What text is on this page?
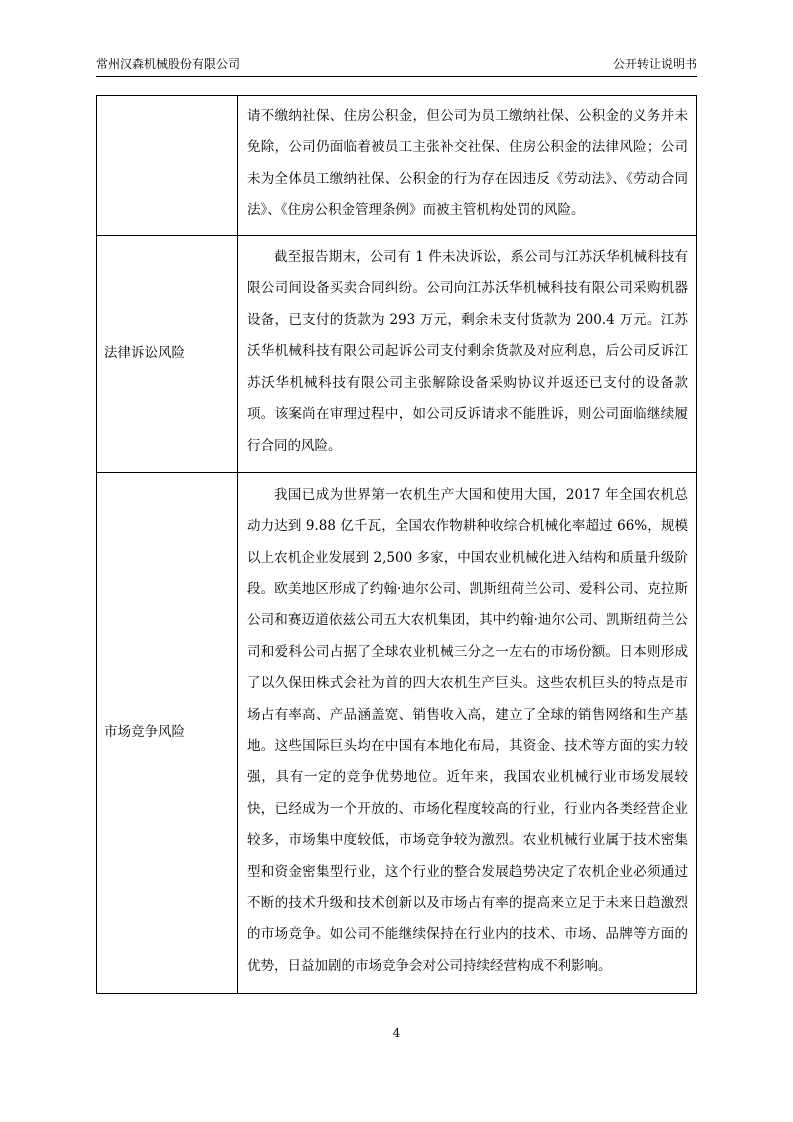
常州汉森机械股份有限公司	公开转让说明书

	请不缴纳社保、住房公积金，但公司为员工缴纳社保、公积金的义务并未免除，公司仍面临着被员工主张补交社保、住房公积金的法律风险；公司未为全体员工缴纳社保、公积金的行为存在因违反《劳动法》、《劳动合同法》、《住房公积金管理条例》而被主管机构处罚的风险。

法律诉讼风险	截至报告期末，公司有 1 件未决诉讼，系公司与江苏沃华机械科技有限公司间设备买卖合同纠纷。公司向江苏沃华机械科技有限公司采购机器设备，已支付的货款为 293 万元，剩余未支付货款为 200.4 万元。江苏沃华机械科技有限公司起诉公司支付剩余货款及对应利息，后公司反诉江苏沃华机械科技有限公司主张解除设备采购协议并返还已支付的设备款项。该案尚在审理过程中，如公司反诉请求不能胜诉，则公司面临继续履行合同的风险。

市场竞争风险	我国已成为世界第一农机生产大国和使用大国，2017 年全国农机总动力达到 9.88 亿千瓦，全国农作物耕种收综合机械化率超过 66%，规模以上农机企业发展到 2,500 多家，中国农业机械化进入结构和质量升级阶段。欧美地区形成了约翰·迪尔公司、凯斯纽荷兰公司、爱科公司、克拉斯公司和赛迈道依兹公司五大农机集团，其中约翰·迪尔公司、凯斯纽荷兰公司和爱科公司占据了全球农业机械三分之一左右的市场份额。日本则形成了以久保田株式会社为首的四大农机生产巨头。这些农机巨头的特点是市场占有率高、产品涵盖宽、销售收入高，建立了全球的销售网络和生产基地。这些国际巨头均在中国有本地化布局，其资金、技术等方面的实力较强，具有一定的竞争优势地位。近年来，我国农业机械行业市场发展较快，已经成为一个开放的、市场化程度较高的行业，行业内各类经营企业较多，市场集中度较低，市场竞争较为激烈。农业机械行业属于技术密集型和资金密集型行业，这个行业的整合发展趋势决定了农机企业必须通过不断的技术升级和技术创新以及市场占有率的提高来立足于未来日趋激烈的市场竞争。如公司不能继续保持在行业内的技术、市场、品牌等方面的优势，日益加剧的市场竞争会对公司持续经营构成不利影响。
4
